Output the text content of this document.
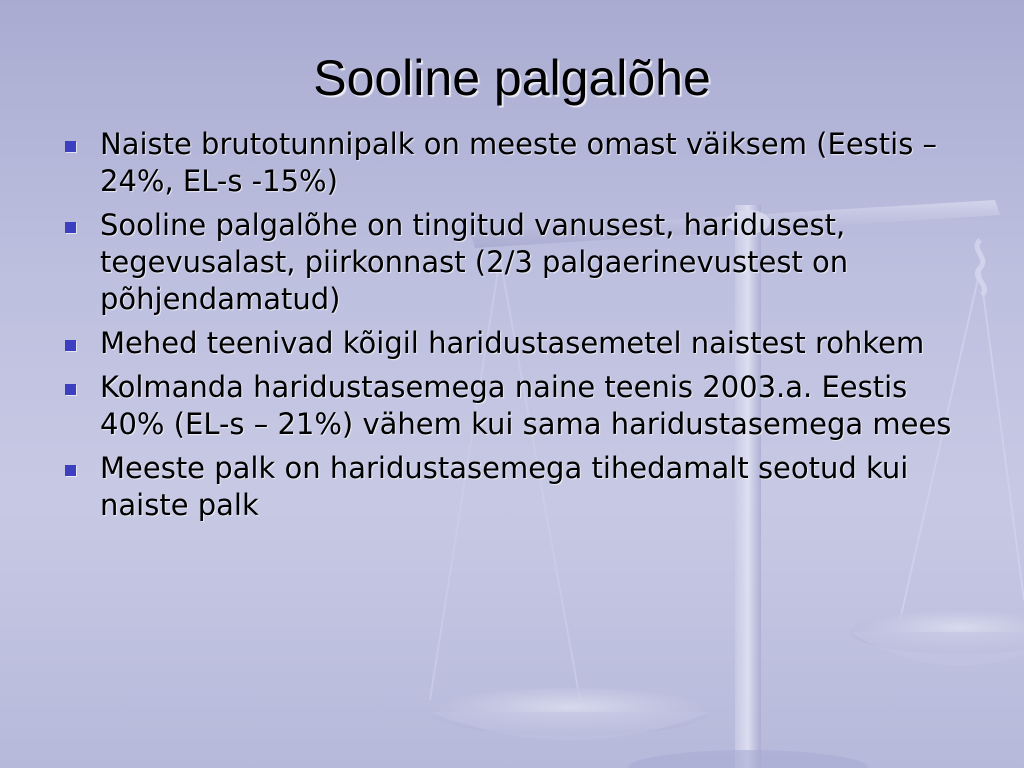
Sooline palgalõhe
Naiste brutotunnipalk on meeste omast väiksem (Eestis – 24%, EL-s -15%)
Sooline palgalõhe on tingitud vanusest, haridusest, tegevusalast, piirkonnast (2/3 palgaerinevustest on põhjendamatud)
Mehed teenivad kõigil haridustasemetel naistest rohkem
Kolmanda haridustasemega naine teenis 2003.a. Eestis 40% (EL-s – 21%) vähem kui sama haridustasemega mees
Meeste palk on haridustasemega tihedamalt seotud kui naiste palk
